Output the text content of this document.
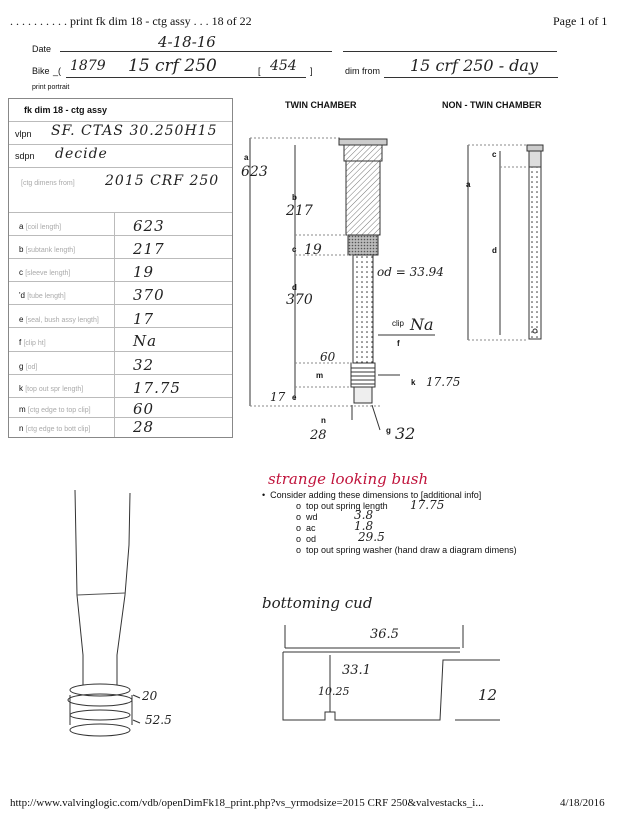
. . . . . . . . . . print fk dim 18 - ctg assy . . . 18 of 22	Page 1 of 1
Date	4-18-16
Bike _( 1879 15 crf 250	[ 454 ]	dim from 15 crf 250 - day
print portrait
fk dim 18 - ctg assy
vlpn SF. CTAS 30.250H15
sdpn decide
[ctg dimens from] 2015 CRF 250
a [coil length]	623
b [subtank length]	217
c [sleeve length]	19
'd [tube length]	370
e [seal, bush assy length] 17
f [clip ht]	Na
g [od]	32
k [top out spr length]	17.75
m [ctg edge to top clip]	60
n [ctg edge to bott clip]	28
TWIN CHAMBER	NON - TWIN CHAMBER
a
b
c
d
clip
f
m
k
e
n
g
623
217
19
370
od = 33.94
Na
60
17.75
17
28	32
a
c
d
strange looking bush
•  Consider adding these dimensions to [additional info]
o  top out spring length 17.75
o  wd	3.8
o  ac	1.8
o  od	29.5
o  top out spring washer (hand draw a diagram dimens)
20
52.5
bottoming cud
36.5
33.1
10.25	12
http://www.valvinglogic.com/vdb/openDimFk18_print.php?vs_yrmodsize=2015 CRF 250&valvestacks_i...	4/18/2016
